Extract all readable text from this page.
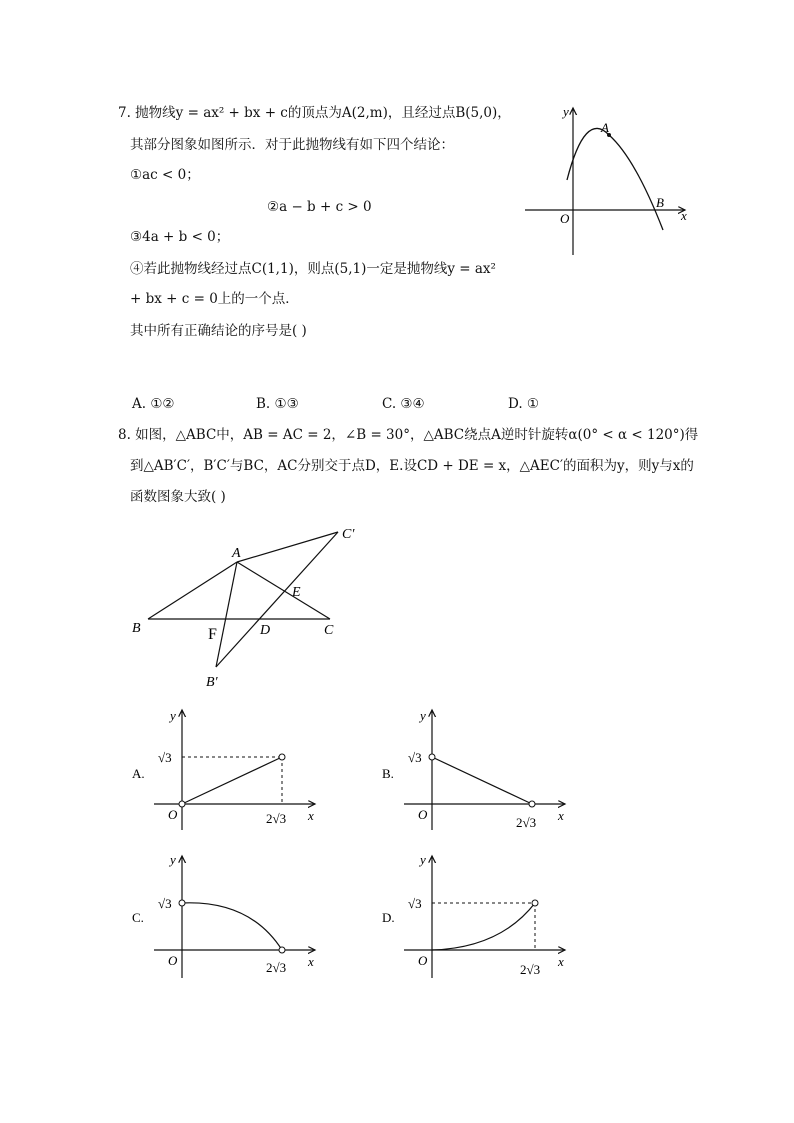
7. 抛物线y = ax² + bx + c的顶点为A(2,m)，且经过点B(5,0)，
其部分图象如图所示．对于此抛物线有如下四个结论：
①ac < 0；
②a − b + c > 0
③4a + b < 0；
④若此抛物线经过点C(1,1)，则点(5,1)一定是抛物线y = ax²
+ bx + c = 0上的一个点．
其中所有正确结论的序号是( )
x
y
O
A
B
A. ①②	B. ①③	C. ③④	D. ①
8. 如图，△ABC中，AB = AC = 2，∠B = 30°，△ABC绕点A逆时针旋转α(0° < α < 120°)得
到△AB′C′，B′C′与BC，AC分别交于点D，E.设CD + DE = x，△AEC′的面积为y，则y与x的
函数图象大致( )
A
B	C
C′
B′
D
E
F
A.
y
x
O
√3
2√3
B.
y
x
O
√3
2√3
C.
y
x
O
√3
2√3
D.
y
x
O
√3
2√3
